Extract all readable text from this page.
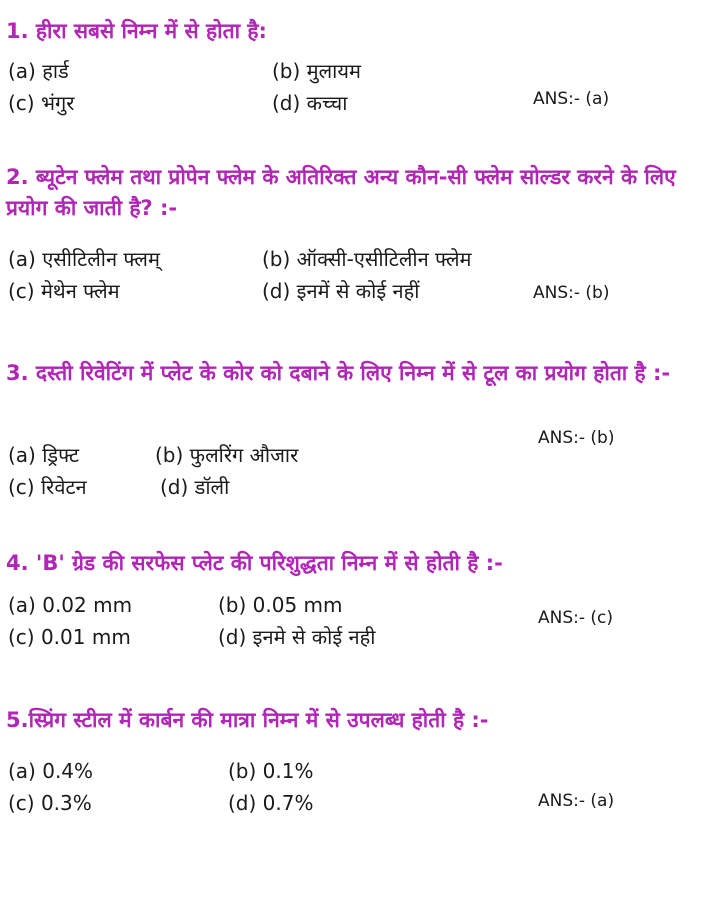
1. हीरा सबसे निम्न में से होता है:

(a) हार्ड	(b) मुलायम
(c) भंगुर	(d) कच्चा	ANS:- (a)

2. ब्यूटेन फ्लेम तथा प्रोपेन फ्लेम के अतिरिक्त अन्य कौन-सी फ्लेम सोल्डर करने के लिए प्रयोग की जाती है? :-

(a) एसीटिलीन फ्लम्	(b) ऑक्सी-एसीटिलीन फ्लेम
(c) मेथेन फ्लेम	(d) इनमें से कोई नहीं	ANS:- (b)

3. दस्ती रिवेटिंग में प्लेट के कोर को दबाने के लिए निम्न में से टूल का प्रयोग होता है :-

(a) ड्रिफ्ट	(b) फुलरिंग औजार
(c) रिवेटन	(d) डॉली
ANS:- (b)

4. 'B' ग्रेड की सरफेस प्लेट की परिशुद्धता निम्न में से होती है :-

(a) 0.02 mm	(b) 0.05 mm
(c) 0.01 mm	(d) इनमे से कोई नही
ANS:- (c)

5.स्प्रिंग स्टील में कार्बन की मात्रा निम्न में से उपलब्ध होती है :-

(a) 0.4%	(b) 0.1%
(c) 0.3%	(d) 0.7%	ANS:- (a)
